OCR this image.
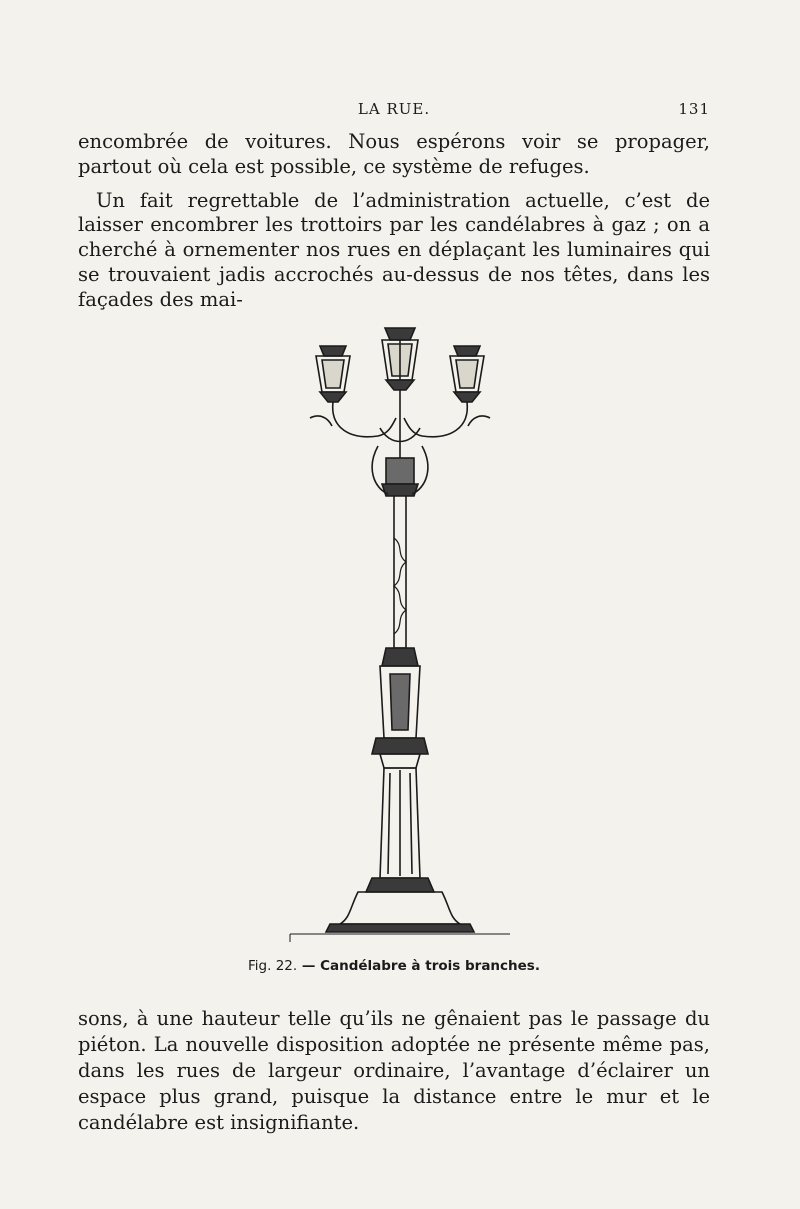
LA RUE.	131

encombrée de voitures. Nous espérons voir se propager, partout où cela est possible, ce système de refuges.

Un fait regrettable de l’administration actuelle, c’est de laisser encombrer les trottoirs par les candélabres à gaz ; on a cherché à ornementer nos rues en déplaçant les luminaires qui se trouvaient jadis accrochés au-dessus de nos têtes, dans les façades des mai-

Fig. 22. — Candélabre à trois branches.

sons, à une hauteur telle qu’ils ne gênaient pas le passage du piéton. La nouvelle disposition adoptée ne présente même pas, dans les rues de largeur ordinaire, l’avantage d’éclairer un espace plus grand, puisque la distance entre le mur et le candélabre est insignifiante.
